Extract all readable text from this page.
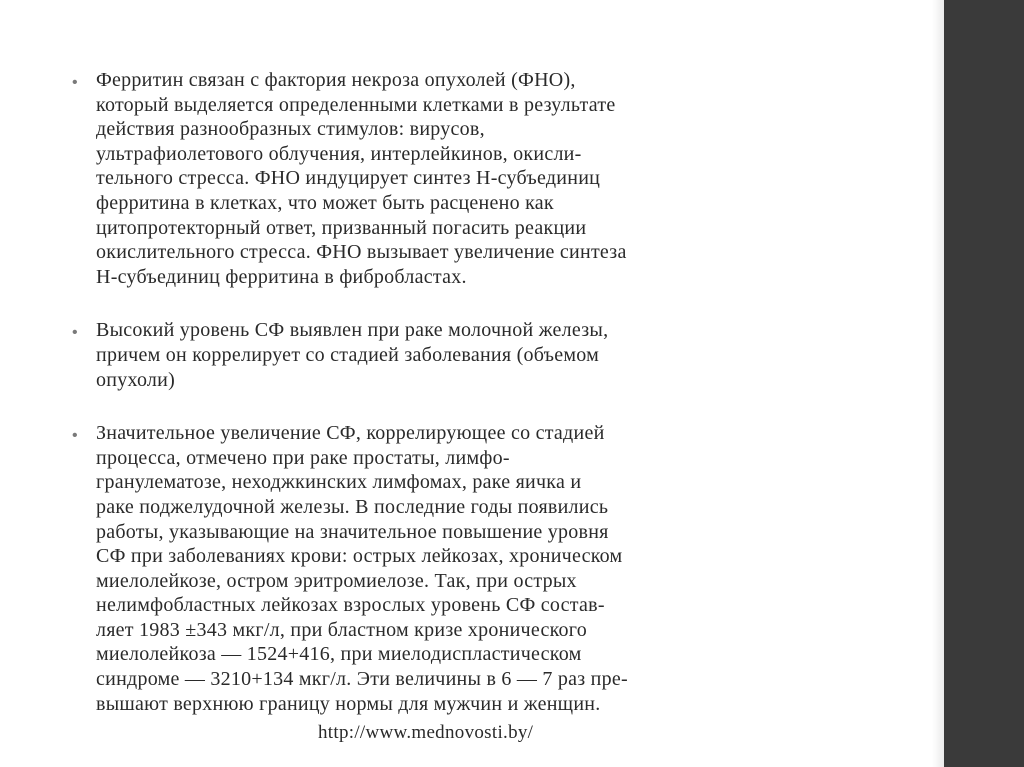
• Ферритин связан с фактория некроза опухолей (ФНО),
который выделяется определенными клетками в результате
действия разнообразных стимулов: вирусов,
ультрафиолетового облучения, интерлейкинов, окисли-
тельного стресса. ФНО индуцирует синтез Н-субъединиц
ферритина в клетках, что может быть расценено как
цитопротекторный ответ, призванный погасить реакции
окислительного стресса. ФНО вызывает увеличение синтеза
Н-субъединиц ферритина в фибробластах.
• Высокий уровень СФ выявлен при раке молочной железы,
причем он коррелирует со стадией заболевания (объемом
опухоли)
• Значительное увеличение СФ, коррелирующее со стадией
процесса, отмечено при раке простаты, лимфо-
гранулематозе, неходжкинских лимфомах, раке яичка и
раке поджелудочной железы. В последние годы появились
работы, указывающие на значительное повышение уровня
СФ при заболеваниях крови: острых лейкозах, хроническом
миелолейкозе, остром эритромиелозе. Так, при острых
нелимфобластных лейкозах взрослых уровень СФ состав-
ляет 1983 ±343 мкг/л, при бластном кризе хронического
миелолейкоза — 1524+416, при миелодиспластическом
синдроме — 3210+134 мкг/л. Эти величины в 6 — 7 раз пре-
вышают верхнюю границу нормы для мужчин и женщин.
http://www.mednovosti.by/
